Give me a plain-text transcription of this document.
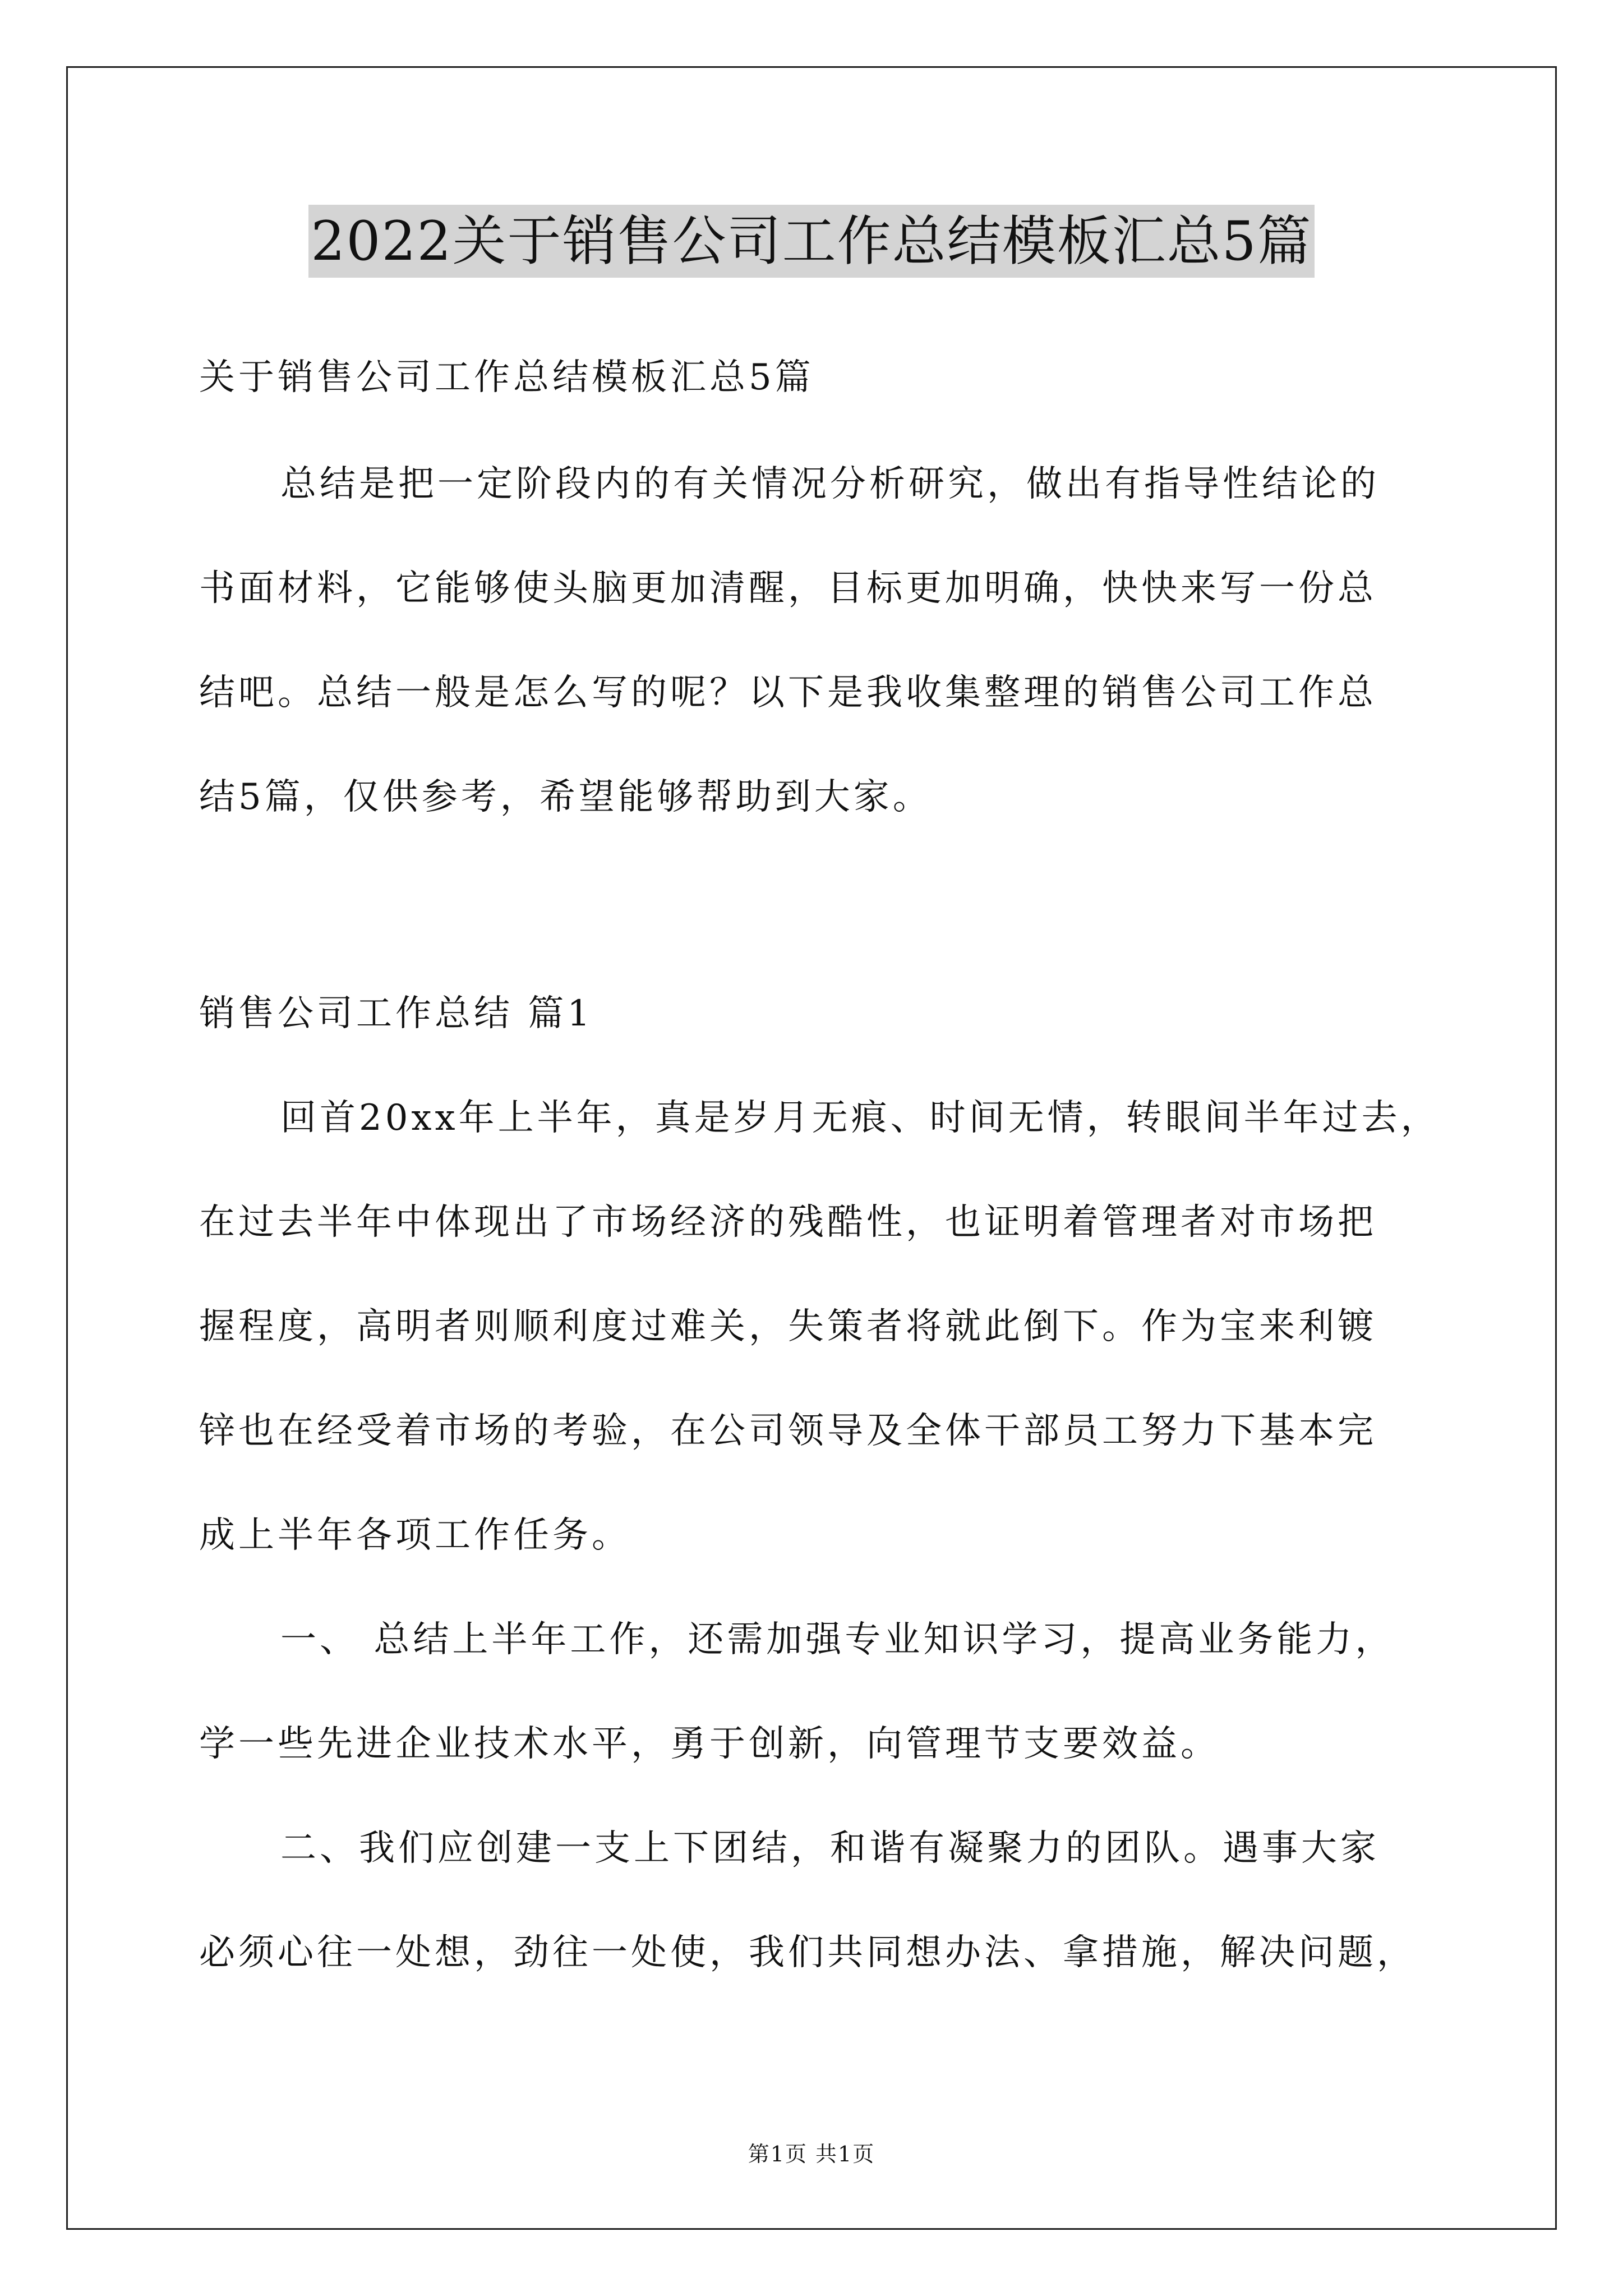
2022关于销售公司工作总结模板汇总5篇
关于销售公司工作总结模板汇总5篇
总结是把一定阶段内的有关情况分析研究，做出有指导性结论的
书面材料，它能够使头脑更加清醒，目标更加明确，快快来写一份总
结吧。总结一般是怎么写的呢？以下是我收集整理的销售公司工作总
结5篇，仅供参考，希望能够帮助到大家。
销售公司工作总结 篇1
回首20xx年上半年，真是岁月无痕、时间无情，转眼间半年过去，
在过去半年中体现出了市场经济的残酷性，也证明着管理者对市场把
握程度，高明者则顺利度过难关，失策者将就此倒下。作为宝来利镀
锌也在经受着市场的考验，在公司领导及全体干部员工努力下基本完
成上半年各项工作任务。
一、 总结上半年工作，还需加强专业知识学习，提高业务能力，
学一些先进企业技术水平，勇于创新，向管理节支要效益。
二、我们应创建一支上下团结，和谐有凝聚力的团队。遇事大家
必须心往一处想，劲往一处使，我们共同想办法、拿措施，解决问题，
第1页 共1页
